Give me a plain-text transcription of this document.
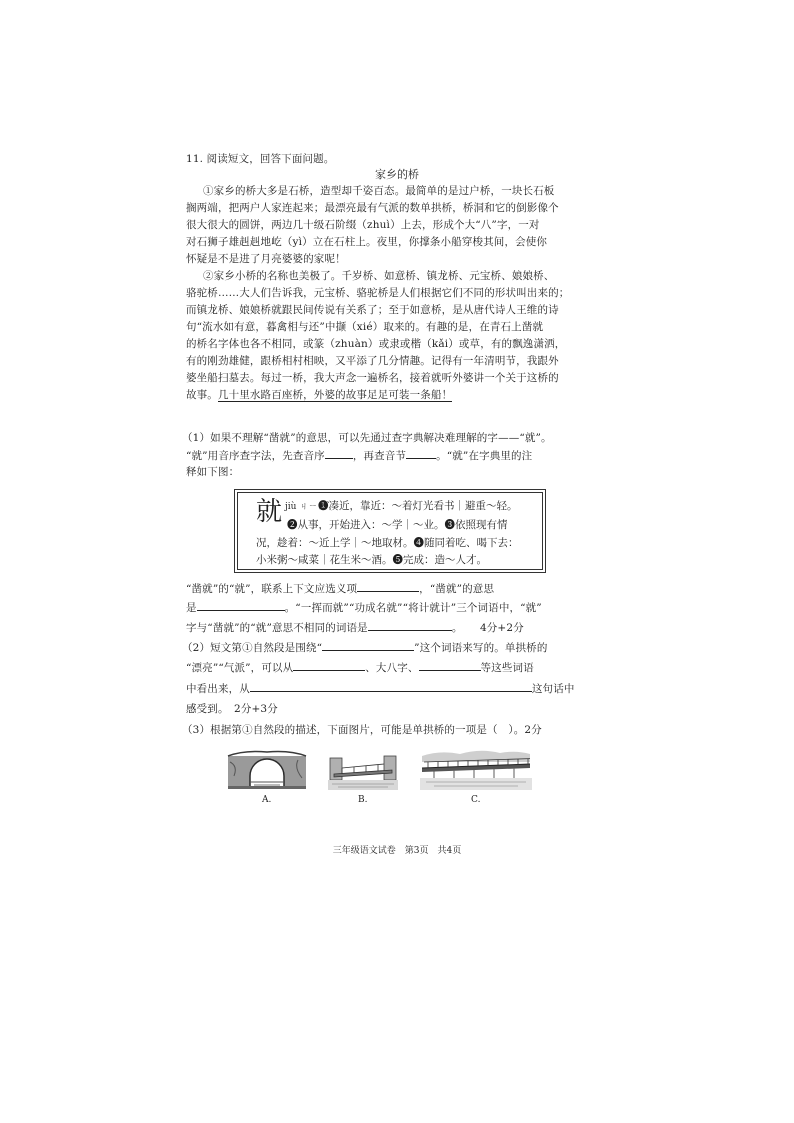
11. 阅读短文，回答下面问题。
家乡的桥
①家乡的桥大多是石桥，造型却千姿百态。最简单的是过户桥，一块长石板
搁两端，把两户人家连起来；最漂亮最有气派的数单拱桥，桥洞和它的倒影像个
很大很大的圆饼，两边几十级石阶缀（zhuì）上去，形成个大“八”字，一对
对石狮子雄赳赳地屹（yì）立在石柱上。夜里，你撑条小船穿梭其间，会使你
怀疑是不是进了月亮婆婆的家呢！
②家乡小桥的名称也美极了。千岁桥、如意桥、镇龙桥、元宝桥、娘娘桥、
骆驼桥……大人们告诉我，元宝桥、骆驼桥是人们根据它们不同的形状叫出来的；
而镇龙桥、娘娘桥就跟民间传说有关系了；至于如意桥，是从唐代诗人王维的诗
句“流水如有意，暮禽相与还”中撷（xié）取来的。有趣的是，在青石上凿就
的桥名字体也各不相同，或篆（zhuàn）或隶或楷（kǎi）或草，有的飘逸潇洒，
有的刚劲雄健，跟桥相村相映，又平添了几分情趣。记得有一年清明节，我跟外
婆坐船扫墓去。每过一桥，我大声念一遍桥名，接着就听外婆讲一个关于这桥的
故事。几十里水路百座桥，外婆的故事足足可装一条船！
（1）如果不理解“凿就”的意思，可以先通过查字典解决难理解的字——“就”。
“就”用音序查字法，先查音序	，再查音节	。“就”在字典里的注
释如下图：
就 jiù ㄐㄧㄡˋ
❶凑近，靠近：～着灯光看书｜避重～轻。
❷从事，开始进入：～学｜～业。❸依照现有情
况，趁着：～近上学｜～地取材。❹随同着吃、喝下去：
小米粥～咸菜｜花生米～酒。❺完成：造～人才。
“凿就”的“就”，联系上下文应选义项	，“凿就”的意思
是	。“一挥而就”“功成名就”“将计就计”三个词语中，“就”
字与“凿就”的“就”意思不相同的词语是	。 4分+2分
（2）短文第①自然段是围绕“	”这个词语来写的。单拱桥的
“漂亮”“气派”，可以从	、大八字、	等这些词语
中看出来，从	这句话中
感受到。　2分+3分
（3）根据第①自然段的描述，下面图片，可能是单拱桥的一项是（　）。2分
A.	B.	C.
三年级语文试卷　第3页　共4页
